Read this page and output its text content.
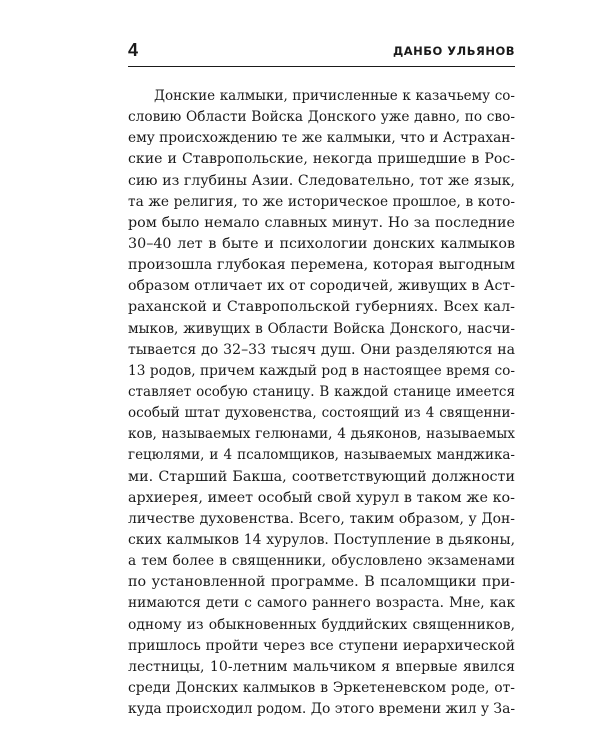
4	ДАНБО УЛЬЯНОВ
Донские калмыки, причисленные к казачьему со-
словию Области Войска Донского уже давно, по сво-
ему происхождению те же калмыки, что и Астрахан-
ские и Ставропольские, некогда пришедшие в Рос-
сию из глубины Азии. Следовательно, тот же язык,
та же религия, то же историческое прошлое, в кото-
ром было немало славных минут. Но за последние
30–40 лет в быте и психологии донских калмыков
произошла глубокая перемена, которая выгодным
образом отличает их от сородичей, живущих в Аст-
раханской и Ставропольской губерниях. Всех кал-
мыков, живущих в Области Войска Донского, насчи-
тывается до 32–33 тысяч душ. Они разделяются на
13 родов, причем каждый род в настоящее время со-
ставляет особую станицу. В каждой станице имеется
особый штат духовенства, состоящий из 4 священни-
ков, называемых гелюнами, 4 дьяконов, называемых
гецюлями, и 4 псаломщиков, называемых манджика-
ми. Старший Бакша, соответствующий должности
архиерея, имеет особый свой хурул в таком же ко-
личестве духовенства. Всего, таким образом, у Дон-
ских калмыков 14 хурулов. Поступление в дьяконы,
а тем более в священники, обусловлено экзаменами
по установленной программе. В псаломщики при-
нимаются дети с самого раннего возраста. Мне, как
одному из обыкновенных буддийских священников,
пришлось пройти через все ступени иерархической
лестницы, 10-летним мальчиком я впервые явился
среди Донских калмыков в Эркетеневском роде, от-
куда происходил родом. До этого времени жил у За-
